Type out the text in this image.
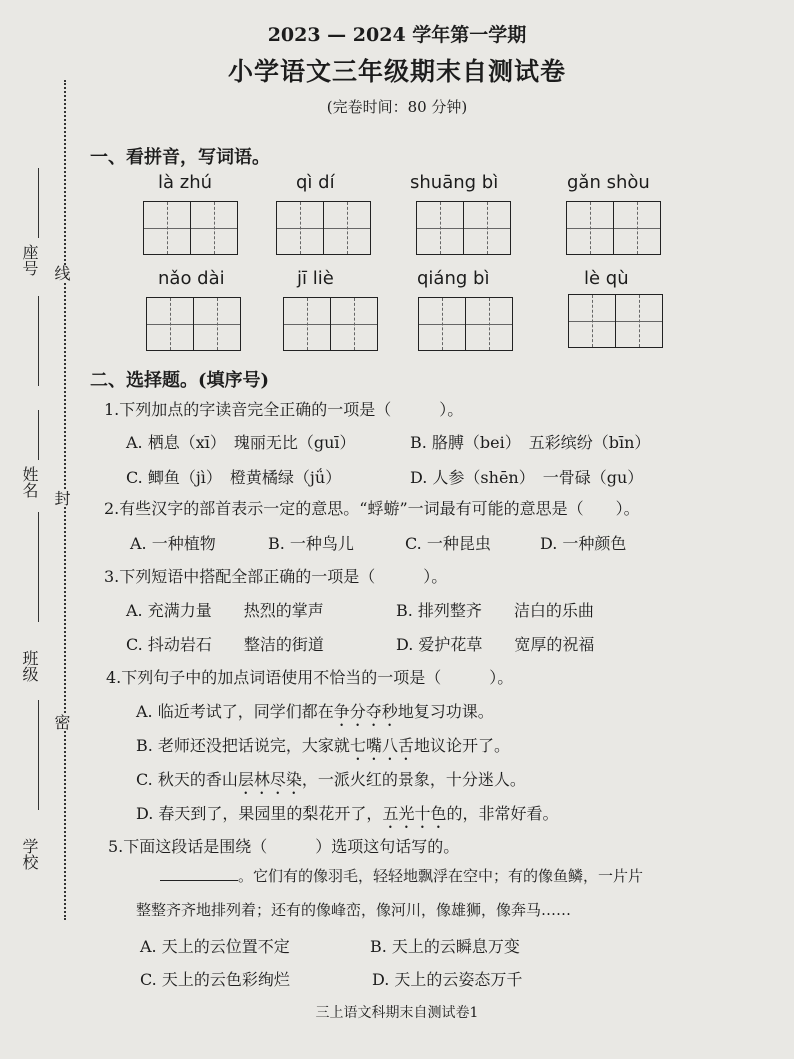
2023 — 2024 学年第一学期
小学语文三年级期末自测试卷
(完卷时间：80 分钟)
座号
姓名
班级
学校
线
封
密
一、看拼音，写词语。
là zhú	qì dí	shuāng bì	gǎn shòu
nǎo dài	jī liè	qiáng bì	lè qù
二、选择题。(填序号)
1.下列加点的字读音完全正确的一项是（　　　）。
A. 栖息（xī）　瑰丽无比（guī）	B. 胳膊（bei）　五彩缤纷（bīn）
C. 鲫鱼（jì）　橙黄橘绿（jǘ）	D. 人参（shēn）　一骨碌（gu）
2.有些汉字的部首表示一定的意思。“蜉蝣”一词最有可能的意思是（　　）。
A. 一种植物	B. 一种鸟儿	C. 一种昆虫	D. 一种颜色
3.下列短语中搭配全部正确的一项是（　　　）。
A. 充满力量　　热烈的掌声	B. 排列整齐　　洁白的乐曲
C. 抖动岩石　　整洁的街道	D. 爱护花草　　宽厚的祝福
4.下列句子中的加点词语使用不恰当的一项是（　　　）。
A. 临近考试了，同学们都在争分夺秒地复习功课。
B. 老师还没把话说完，大家就七嘴八舌地议论开了。
C. 秋天的香山层林尽染，一派火红的景象，十分迷人。
D. 春天到了，果园里的梨花开了，五光十色的，非常好看。
5.下面这段话是围绕（　　　）选项这句话写的。
。它们有的像羽毛，轻轻地飘浮在空中；有的像鱼鳞，一片片
整整齐齐地排列着；还有的像峰峦，像河川，像雄狮，像奔马……
A. 天上的云位置不定	B. 天上的云瞬息万变
C. 天上的云色彩绚烂	D. 天上的云姿态万千
三上语文科期末自测试卷1
